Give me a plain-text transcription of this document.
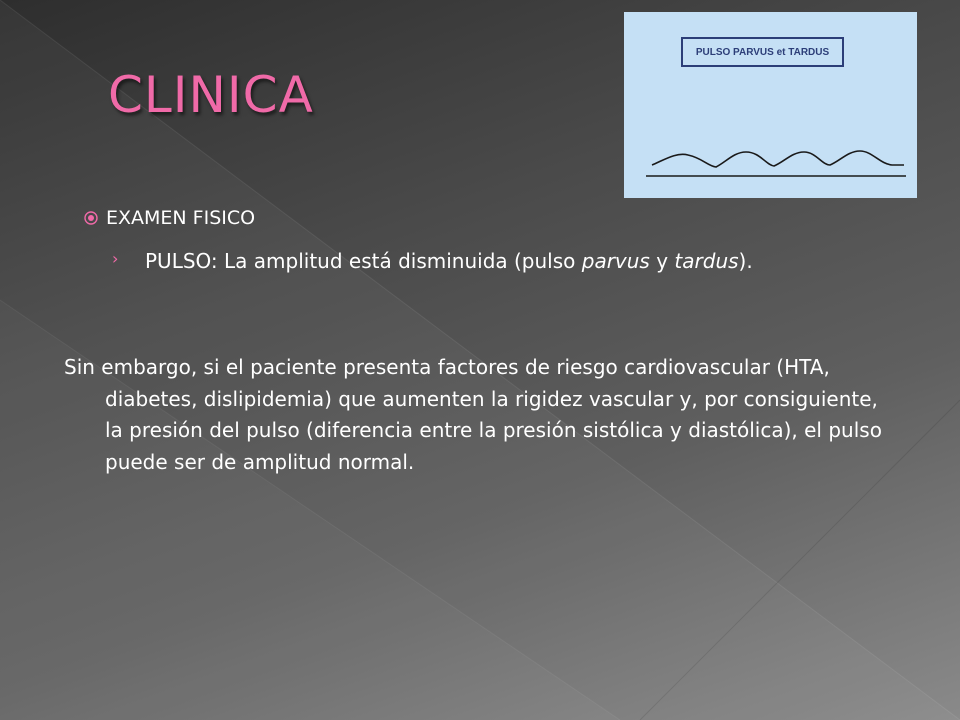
CLINICA
PULSO PARVUS et TARDUS
EXAMEN FISICO
› PULSO: La amplitud está disminuida (pulso parvus y tardus).
Sin embargo, si el paciente presenta factores de riesgo cardiovascular (HTA, diabetes, dislipidemia) que aumenten la rigidez vascular y, por consiguiente, la presión del pulso (diferencia entre la presión sistólica y diastólica), el pulso puede ser de amplitud normal.
